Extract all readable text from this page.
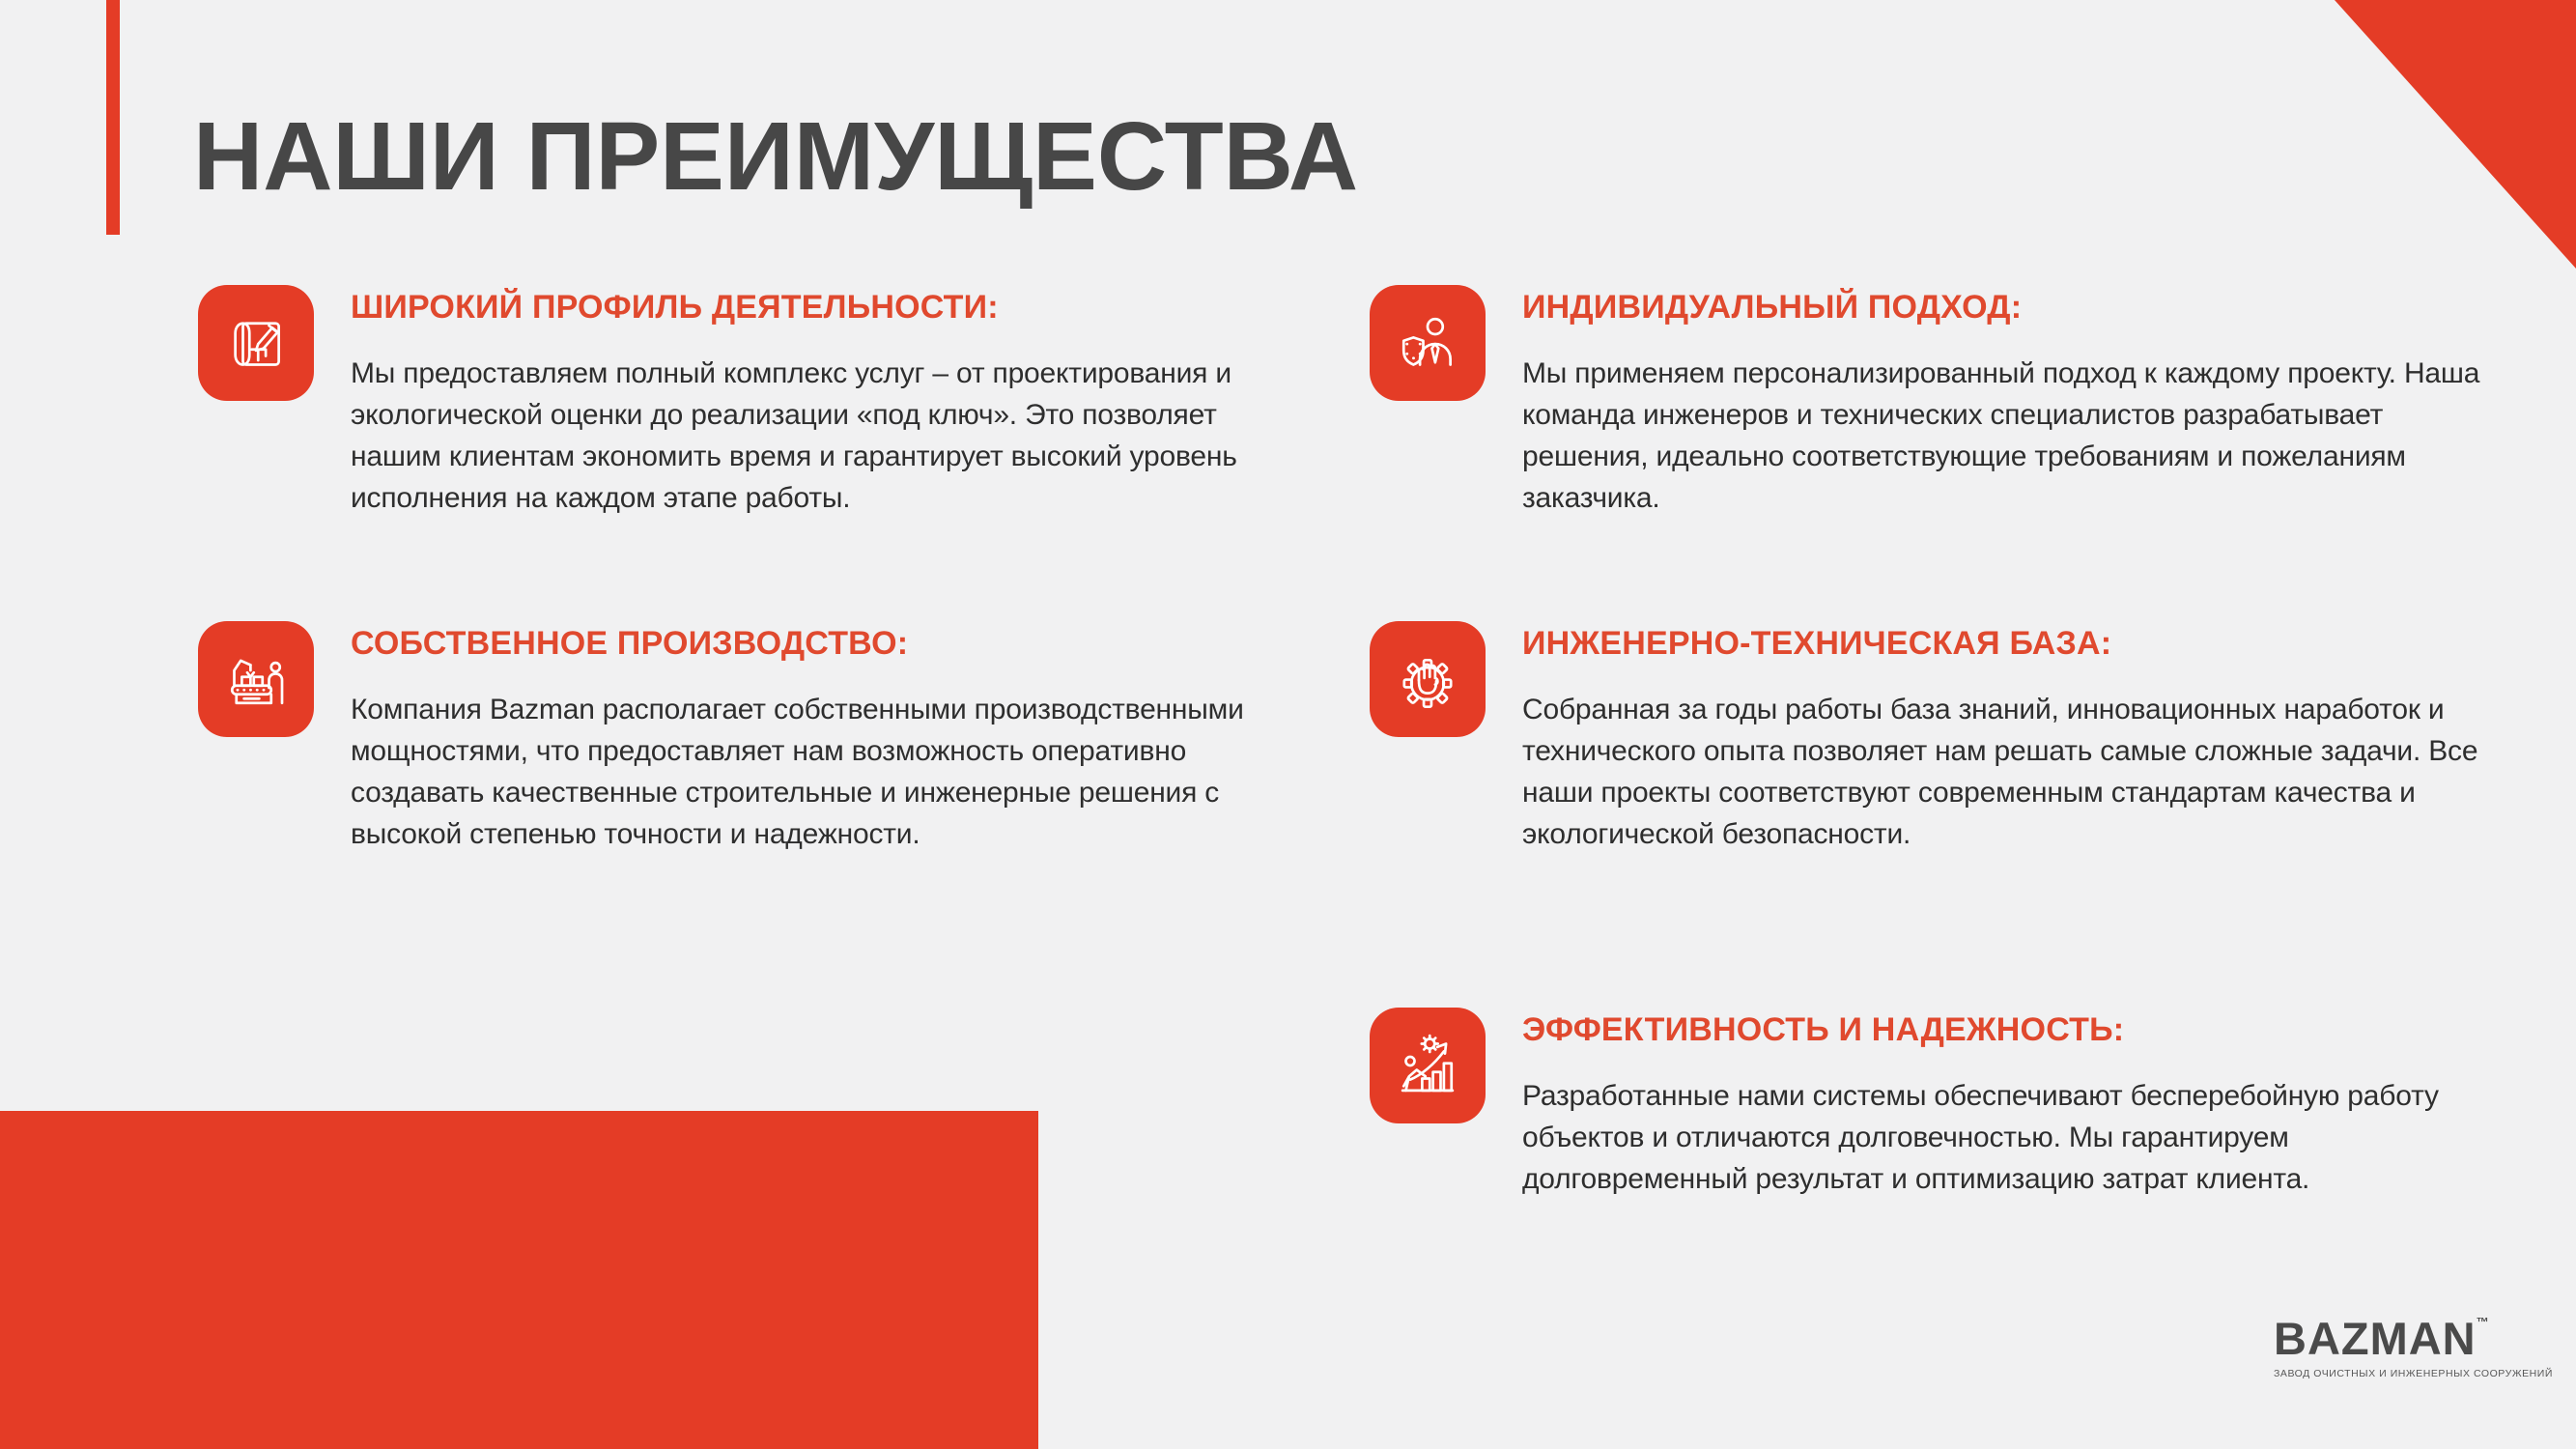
НАШИ ПРЕИМУЩЕСТВА
ШИРОКИЙ ПРОФИЛЬ ДЕЯТЕЛЬНОСТИ:

Мы предоставляем полный комплекс услуг – от проектирования и экологической оценки до реализации «под ключ». Это позволяет нашим клиентам экономить время и гарантирует высокий уровень исполнения на каждом этапе работы.

СОБСТВЕННОЕ ПРОИЗВОДСТВО:

Компания Bazman располагает собственными производственными мощностями, что предоставляет нам возможность оперативно создавать качественные строительные и инженерные решения с высокой степенью точности и надежности.

ИНДИВИДУАЛЬНЫЙ ПОДХОД:

Мы применяем персонализированный подход к каждому проекту. Наша команда инженеров и технических специалистов разрабатывает решения, идеально соответствующие требованиям и пожеланиям заказчика.

ИНЖЕНЕРНО-ТЕХНИЧЕСКАЯ БАЗА:

Собранная за годы работы база знаний, инновационных наработок и технического опыта позволяет нам решать самые сложные задачи. Все наши проекты соответствуют современным стандартам качества и экологической безопасности.

ЭФФЕКТИВНОСТЬ И НАДЕЖНОСТЬ:

Разработанные нами системы обеспечивают бесперебойную работу объектов и отличаются долговечностью. Мы гарантируем долговременный результат и оптимизацию затрат клиента.

BAZMAN™
ЗАВОД ОЧИСТНЫХ И ИНЖЕНЕРНЫХ СООРУЖЕНИЙ
